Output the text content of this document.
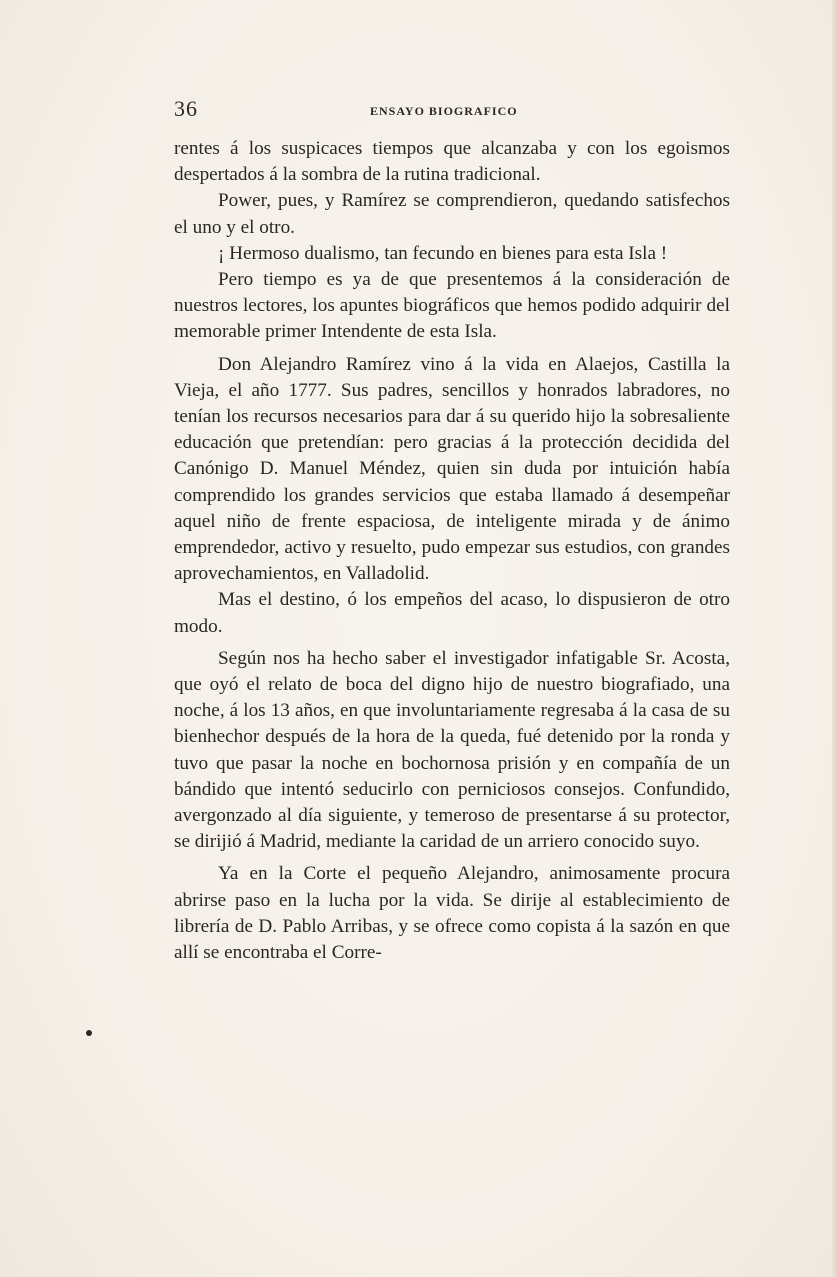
36	ENSAYO BIOGRAFICO

rentes á los suspicaces tiempos que alcanzaba y con los egoismos despertados á la sombra de la rutina tradicional.

Power, pues, y Ramírez se comprendieron, quedando satisfechos el uno y el otro.

¡ Hermoso dualismo, tan fecundo en bienes para esta Isla !

Pero tiempo es ya de que presentemos á la consideración de nuestros lectores, los apuntes biográficos que hemos podido adquirir del memorable primer Intendente de esta Isla.

Don Alejandro Ramírez vino á la vida en Alaejos, Castilla la Vieja, el año 1777. Sus padres, sencillos y honrados labradores, no tenían los recursos necesarios para dar á su querido hijo la sobresaliente educación que pretendían: pero gracias á la protección decidida del Canónigo D. Manuel Méndez, quien sin duda por intuición había comprendido los grandes servicios que estaba llamado á desempeñar aquel niño de frente espaciosa, de inteligente mirada y de ánimo emprendedor, activo y resuelto, pudo empezar sus estudios, con grandes aprovechamientos, en Valladolid.

Mas el destino, ó los empeños del acaso, lo dispusieron de otro modo.

Según nos ha hecho saber el investigador infatigable Sr. Acosta, que oyó el relato de boca del digno hijo de nuestro biografiado, una noche, á los 13 años, en que involuntariamente regresaba á la casa de su bienhechor después de la hora de la queda, fué detenido por la ronda y tuvo que pasar la noche en bochornosa prisión y en compañía de un bándido que intentó seducirlo con perniciosos consejos. Confundido, avergonzado al día siguiente, y temeroso de presentarse á su protector, se dirijió á Madrid, mediante la caridad de un arriero conocido suyo.

Ya en la Corte el pequeño Alejandro, animosamente procura abrirse paso en la lucha por la vida. Se dirije al establecimiento de librería de D. Pablo Arribas, y se ofrece como copista á la sazón en que allí se encontraba el Corre-
